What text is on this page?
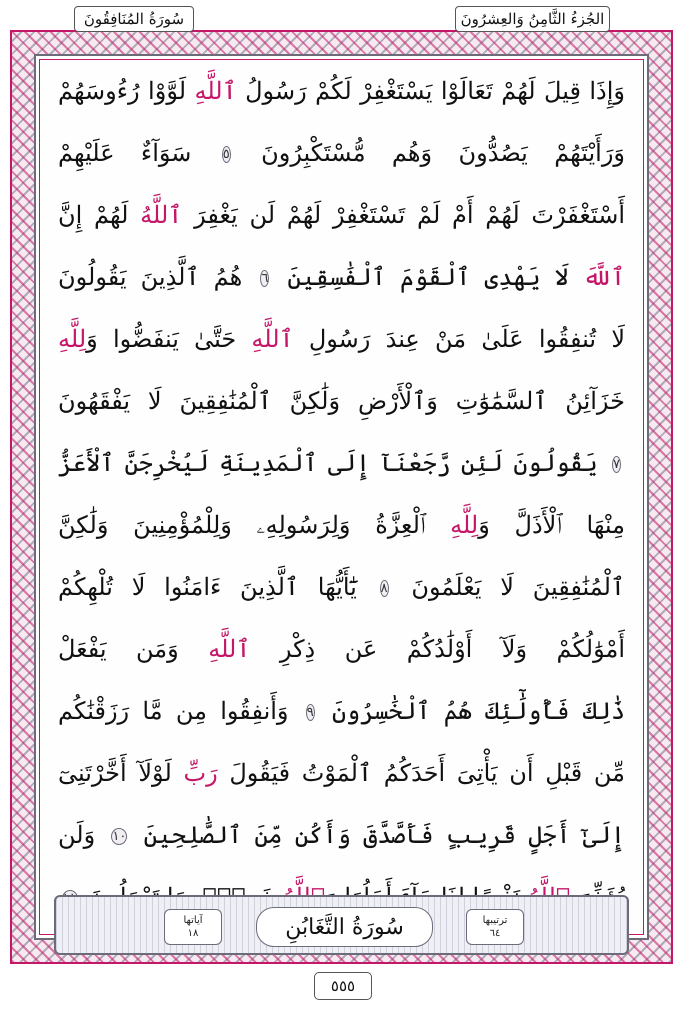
سُورَةُ المُنَافِقُونَ	الجُزءُ الثَّامِنُ وَالعِشرُونَ
وَإِذَا قِيلَ لَهُمْ تَعَالَوْا يَسْتَغْفِرْ لَكُمْ رَسُولُ ٱللَّهِ لَوَّوْا رُءُوسَهُمْ
وَرَأَيْتَهُمْ يَصُدُّونَ وَهُم مُّسْتَكْبِرُونَ ٥ سَوَآءٌ عَلَيْهِمْ
أَسْتَغْفَرْتَ لَهُمْ أَمْ لَمْ تَسْتَغْفِرْ لَهُمْ لَن يَغْفِرَ ٱللَّهُ لَهُمْ إِنَّ
ٱللَّهَ لَا يَهْدِى ٱلْقَوْمَ ٱلْفَٰسِقِينَ ٦ هُمُ ٱلَّذِينَ يَقُولُونَ
لَا تُنفِقُوا عَلَىٰ مَنْ عِندَ رَسُولِ ٱللَّهِ حَتَّىٰ يَنفَضُّوا وَلِلَّهِ
خَزَآئِنُ ٱلسَّمَٰوَٰتِ وَٱلْأَرْضِ وَلَٰكِنَّ ٱلْمُنَٰفِقِينَ لَا يَفْقَهُونَ
٧ يَقُولُونَ لَئِن رَّجَعْنَآ إِلَى ٱلْمَدِينَةِ لَيُخْرِجَنَّ ٱلْأَعَزُّ
مِنْهَا ٱلْأَذَلَّ وَلِلَّهِ ٱلْعِزَّةُ وَلِرَسُولِهِۦ وَلِلْمُؤْمِنِينَ وَلَٰكِنَّ
ٱلْمُنَٰفِقِينَ لَا يَعْلَمُونَ ٨ يَٰٓأَيُّهَا ٱلَّذِينَ ءَامَنُوا لَا تُلْهِكُمْ
أَمْوَٰلُكُمْ وَلَآ أَوْلَٰدُكُمْ عَن ذِكْرِ ٱللَّهِ وَمَن يَفْعَلْ
ذَٰلِكَ فَأُولَٰٓئِكَ هُمُ ٱلْخَٰسِرُونَ ٩ وَأَنفِقُوا مِن مَّا رَزَقْنَٰكُم
مِّن قَبْلِ أَن يَأْتِىَ أَحَدَكُمُ ٱلْمَوْتُ فَيَقُولَ رَبِّ لَوْلَآ أَخَّرْتَنِىٓ
إِلَىٰٓ أَجَلٍ قَرِيبٍ فَأَصَّدَّقَ وَأَكُن مِّنَ ٱلصَّٰلِحِينَ ١٠ وَلَن
آياتها
١٨	سُورَةُ التَّغَابُنِ	ترتيبها
٦٤
٥٥٥
